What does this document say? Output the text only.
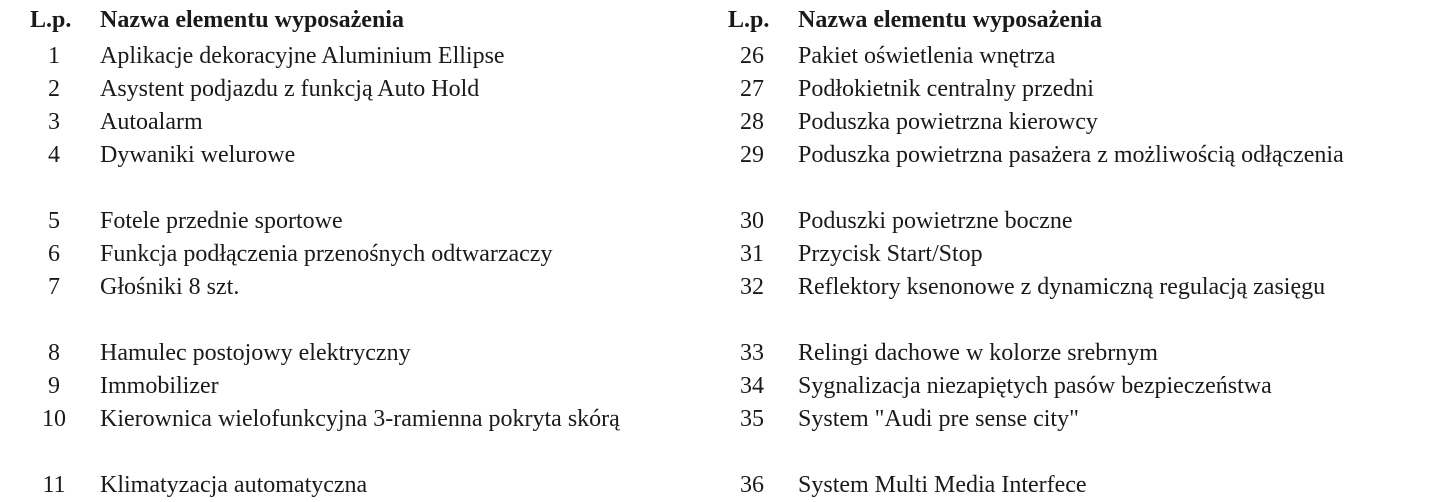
L.p.	Nazwa elementu wyposażenia
1	Aplikacje dekoracyjne Aluminium Ellipse
2	Asystent podjazdu z funkcją Auto Hold
3	Autoalarm
4	Dywaniki welurowe
5	Fotele przednie sportowe
6	Funkcja podłączenia przenośnych odtwarzaczy
7	Głośniki 8 szt.
8	Hamulec postojowy elektryczny
9	Immobilizer
10	Kierownica wielofunkcyjna 3-ramienna pokryta skórą
11	Klimatyzacja automatyczna
L.p.	Nazwa elementu wyposażenia
26	Pakiet oświetlenia wnętrza
27	Podłokietnik centralny przedni
28	Poduszka powietrzna kierowcy
29	Poduszka powietrzna pasażera z możliwością odłączenia
30	Poduszki powietrzne boczne
31	Przycisk Start/Stop
32	Reflektory ksenonowe z dynamiczną regulacją zasięgu
33	Relingi dachowe w kolorze srebrnym
34	Sygnalizacja niezapiętych pasów bezpieczeństwa
35	System "Audi pre sense city"
36	System Multi Media Interfece
